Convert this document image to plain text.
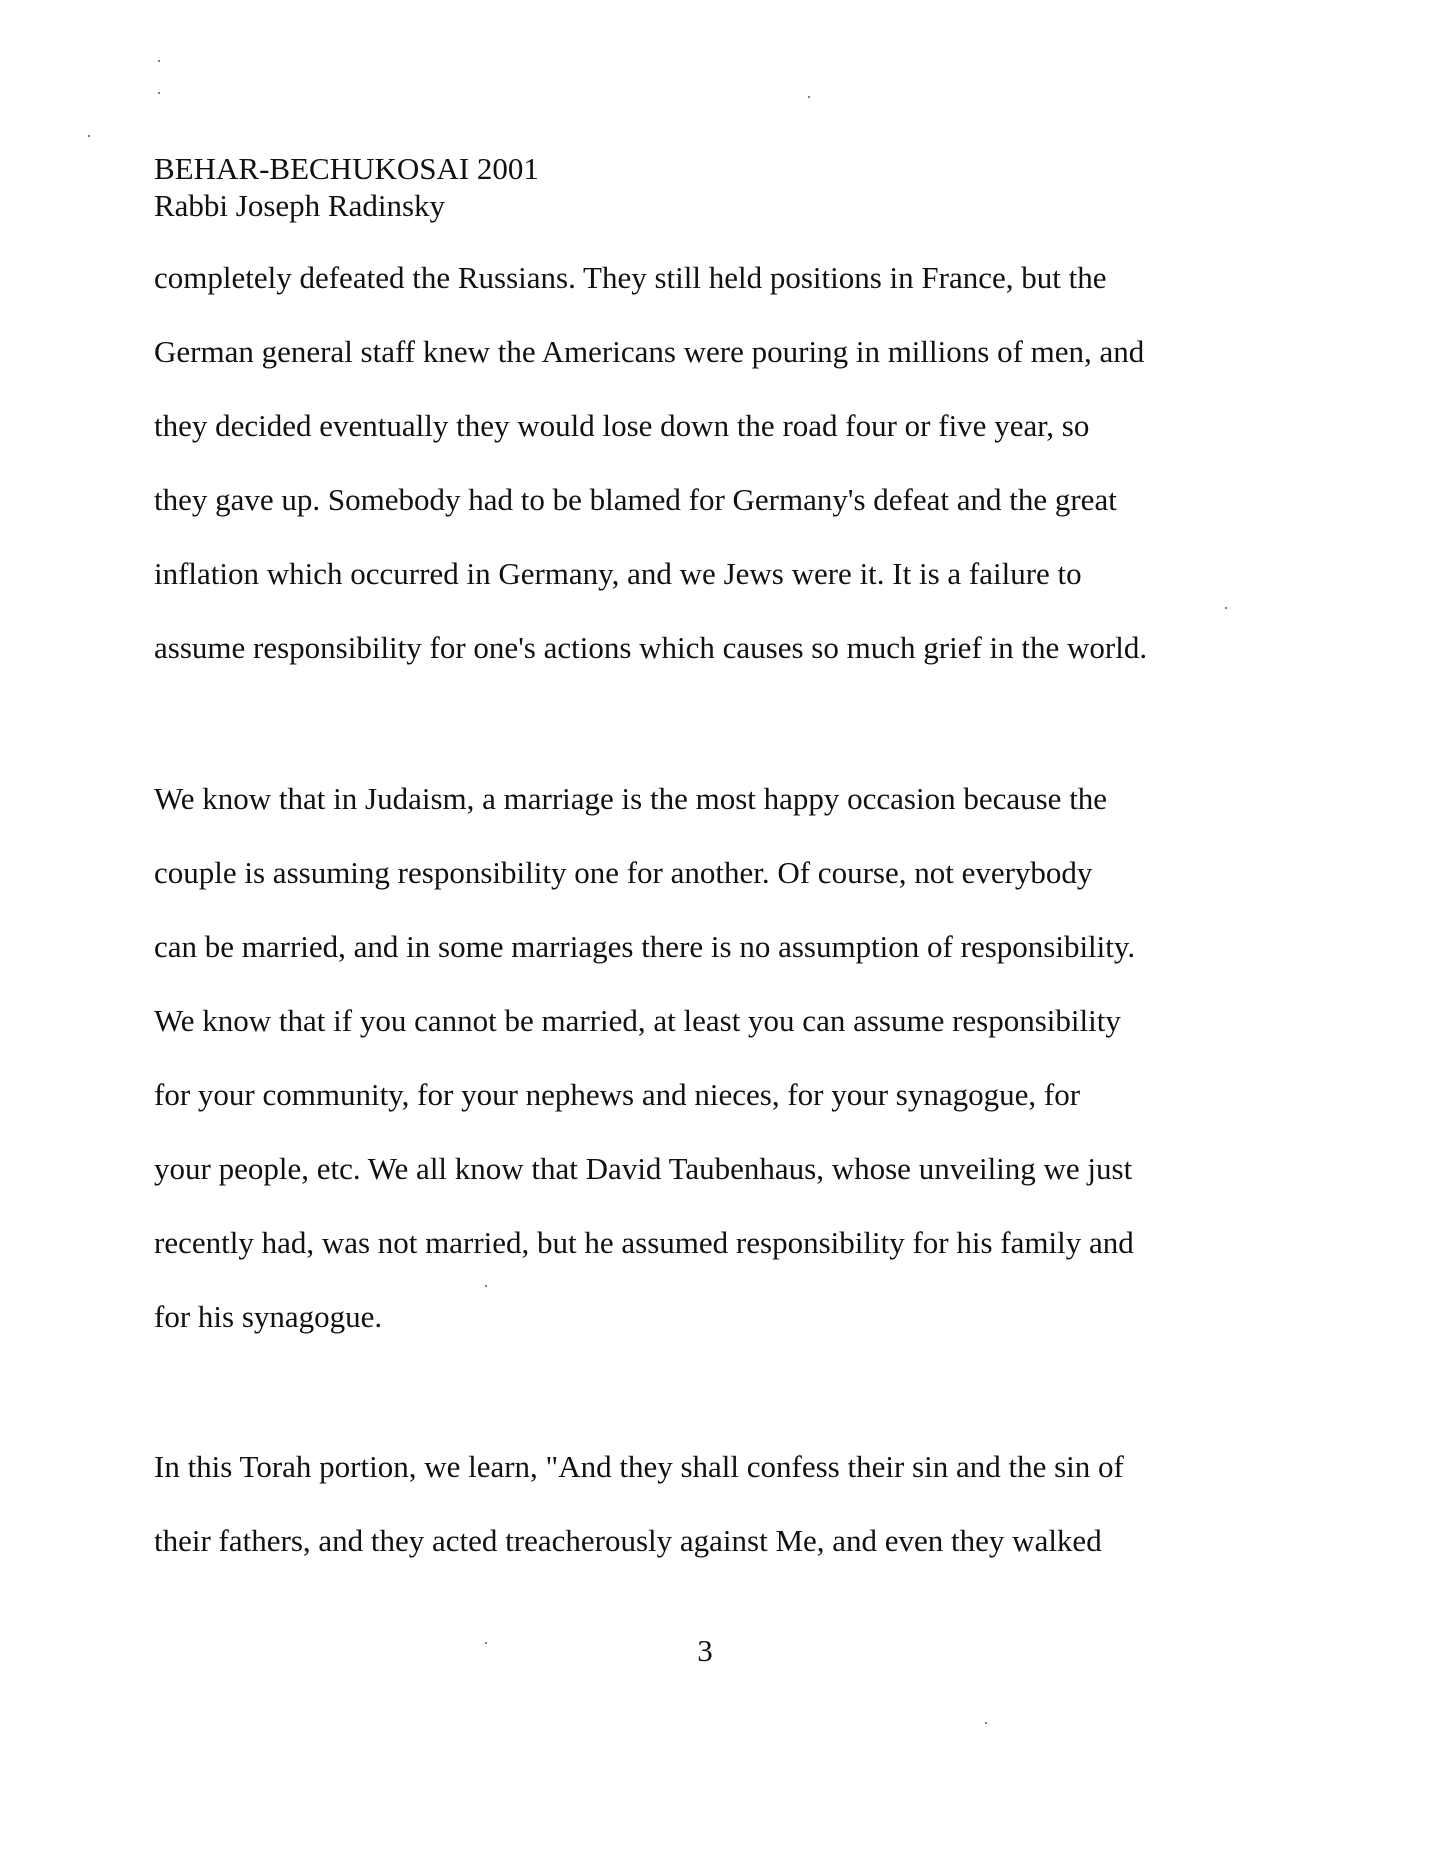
BEHAR-BECHUKOSAI 2001
Rabbi Joseph Radinsky
completely defeated the Russians. They still held positions in France, but the
German general staff knew the Americans were pouring in millions of men, and
they decided eventually they would lose down the road four or five year, so
they gave up. Somebody had to be blamed for Germany's defeat and the great
inflation which occurred in Germany, and we Jews were it. It is a failure to
assume responsibility for one's actions which causes so much grief in the world.
We know that in Judaism, a marriage is the most happy occasion because the
couple is assuming responsibility one for another. Of course, not everybody
can be married, and in some marriages there is no assumption of responsibility.
We know that if you cannot be married, at least you can assume responsibility
for your community, for your nephews and nieces, for your synagogue, for
your people, etc. We all know that David Taubenhaus, whose unveiling we just
recently had, was not married, but he assumed responsibility for his family and
for his synagogue.
In this Torah portion, we learn, "And they shall confess their sin and the sin of
their fathers, and they acted treacherously against Me, and even they walked
3
